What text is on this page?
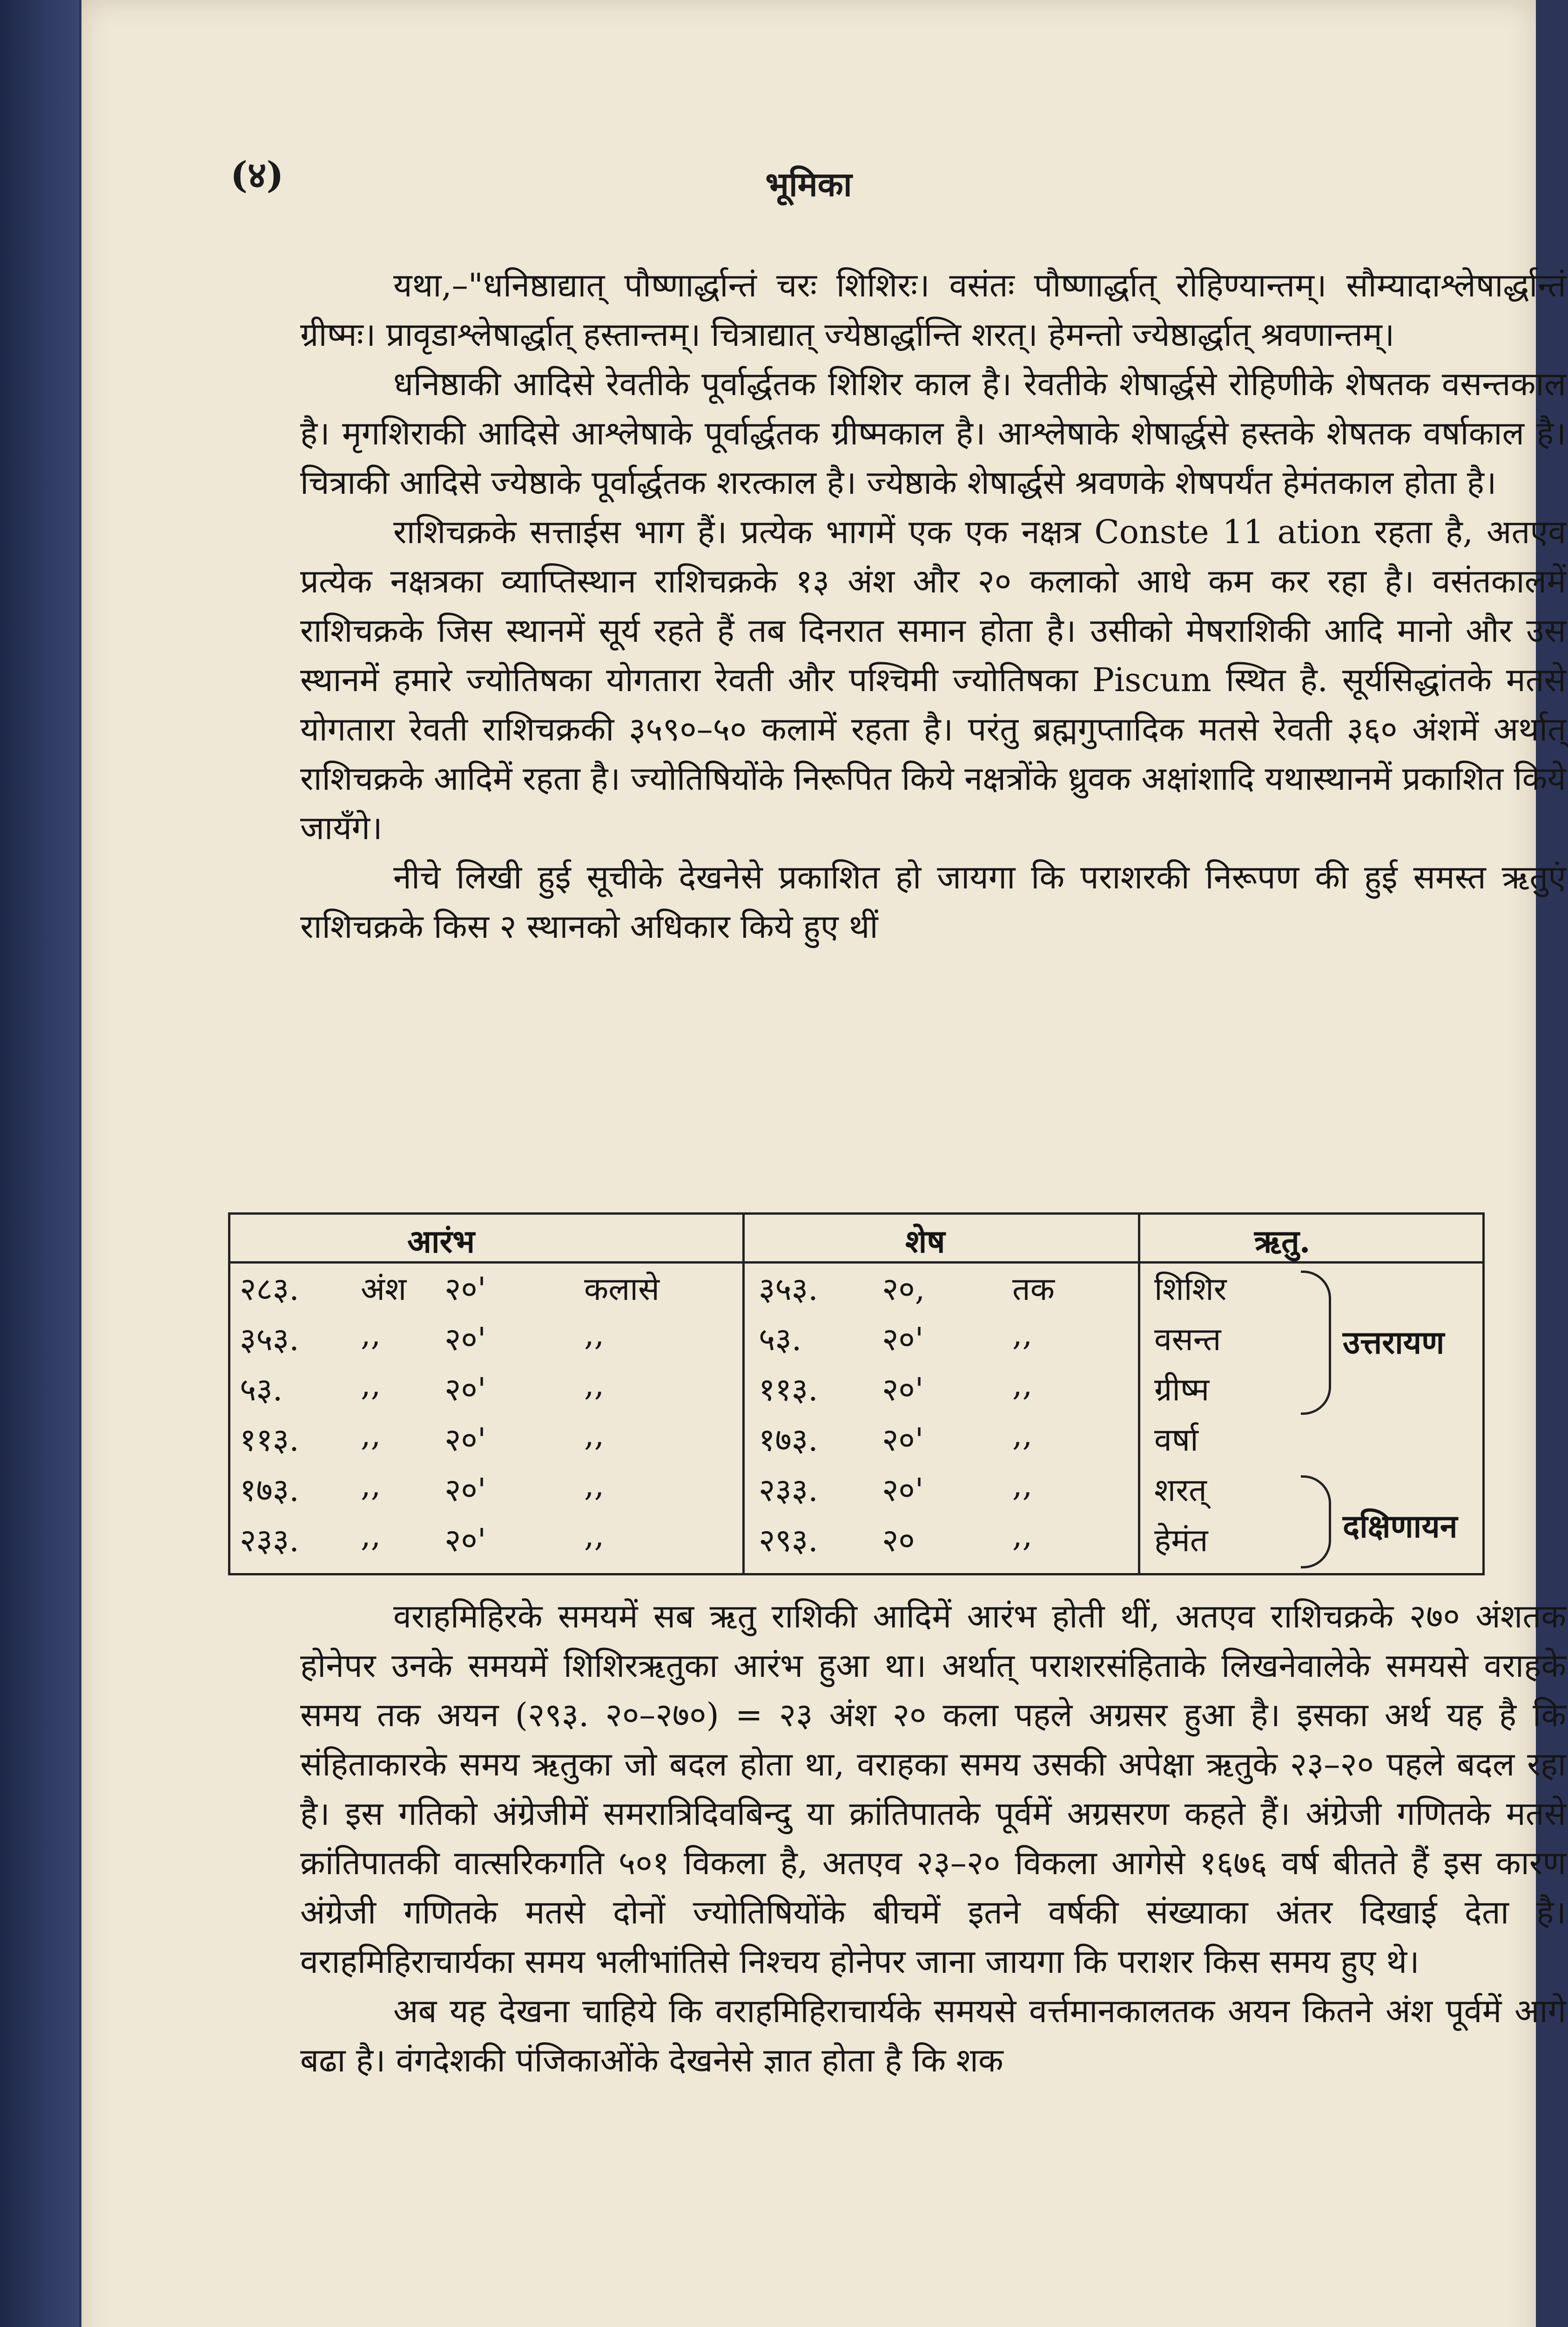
(४)	भूमिका

यथा,–"धनिष्ठाद्यात् पौष्णार्द्धान्तं चरः शिशिरः। वसंतः पौष्णार्द्धात् रोहिण्यान्तम्। सौम्यादाश्लेषार्द्धान्तं ग्रीष्मः। प्रावृडाश्लेषार्द्धात् हस्तान्तम्। चित्राद्यात् ज्येष्ठार्द्धान्ति शरत्। हेमन्तो ज्येष्ठार्द्धात् श्रवणान्तम्।

धनिष्ठाकी आदिसे रेवतीके पूर्वार्द्धतक शिशिर काल है। रेवतीके शेषार्द्धसे रोहिणीके शेषतक वसन्तकाल है। मृगशिराकी आदिसे आश्लेषाके पूर्वार्द्धतक ग्रीष्मकाल है। आश्लेषाके शेषार्द्धसे हस्तके शेषतक वर्षाकाल है। चित्राकी आदिसे ज्येष्ठाके पूर्वार्द्धतक शरत्काल है। ज्येष्ठाके शेषार्द्धसे श्रवणके शेषपर्यंत हेमंतकाल होता है।

राशिचक्रके सत्ताईस भाग हैं। प्रत्येक भागमें एक एक नक्षत्र Conste 11 ation रहता है, अतएव प्रत्येक नक्षत्रका व्याप्तिस्थान राशिचक्रके १३ अंश और २० कलाको आधे कम कर रहा है। वसंतकालमें राशिचक्रके जिस स्थानमें सूर्य रहते हैं तब दिनरात समान होता है। उसीको मेषराशिकी आदि मानो और उस स्थानमें हमारे ज्योतिषका योगतारा रेवती और पश्चिमी ज्योतिषका Piscum स्थित है. सूर्यसिद्धांतके मतसे योगतारा रेवती राशिचक्रकी ३५९०–५० कलामें रहता है। परंतु ब्रह्मगुप्तादिक मतसे रेवती ३६० अंशमें अर्थात् राशिचक्रके आदिमें रहता है। ज्योतिषियोंके निरूपित किये नक्षत्रोंके ध्रुवक अक्षांशादि यथास्थानमें प्रकाशित किये जायँगे।

नीचे लिखी हुई सूचीके देखनेसे प्रकाशित हो जायगा कि पराशरकी निरूपण की हुई समस्त ऋतुएं राशिचक्रके किस २ स्थानको अधिकार किये हुए थीं

आरंभ	शेष	ऋतु.
उत्तरायण
दक्षिणायन
२८३. अंश २०'	कलासे	३५३. २०,	तक	शिशिर
३५३. ,, २०'	,,	५३.	२०'	,,	वसन्त
५३. ,, २०'	,,	११३. २०'	,,	ग्रीष्म
११३. ,, २०'	,,	१७३. २०'	,,	वर्षा
१७३. ,, २०'	,,	२३३. २०'	,,	शरत्
२३३. ,, २०'	,,	२९३. २०	,,	हेमंत

वराहमिहिरके समयमें सब ऋतु राशिकी आदिमें आरंभ होती थीं, अतएव राशिचक्रके २७० अंशतक होनेपर उनके समयमें शिशिरऋतुका आरंभ हुआ था। अर्थात् पराशरसंहिताके लिखनेवालेके समयसे वराहके समय तक अयन (२९३. २०–२७०) = २३ अंश २० कला पहले अग्रसर हुआ है। इसका अर्थ यह है कि संहिताकारके समय ऋतुका जो बदल होता था, वराहका समय उसकी अपेक्षा ऋतुके २३–२० पहले बदल रहा है। इस गतिको अंग्रेजीमें समरात्रिदिवबिन्दु या क्रांतिपातके पूर्वमें अग्रसरण कहते हैं। अंग्रेजी गणितके मतसे क्रांतिपातकी वात्सरिकगति ५०१ विकला है, अतएव २३–२० विकला आगेसे १६७६ वर्ष बीतते हैं इस कारण अंग्रेजी गणितके मतसे दोनों ज्योतिषियोंके बीचमें इतने वर्षकी संख्याका अंतर दिखाई देता है। वराहमिहिराचार्यका समय भलीभांतिसे निश्चय होनेपर जाना जायगा कि पराशर किस समय हुए थे।

अब यह देखना चाहिये कि वराहमिहिराचार्यके समयसे वर्त्तमानकालतक अयन कितने अंश पूर्वमें आगे बढा है। वंगदेशकी पंजिकाओंके देखनेसे ज्ञात होता है कि शक
